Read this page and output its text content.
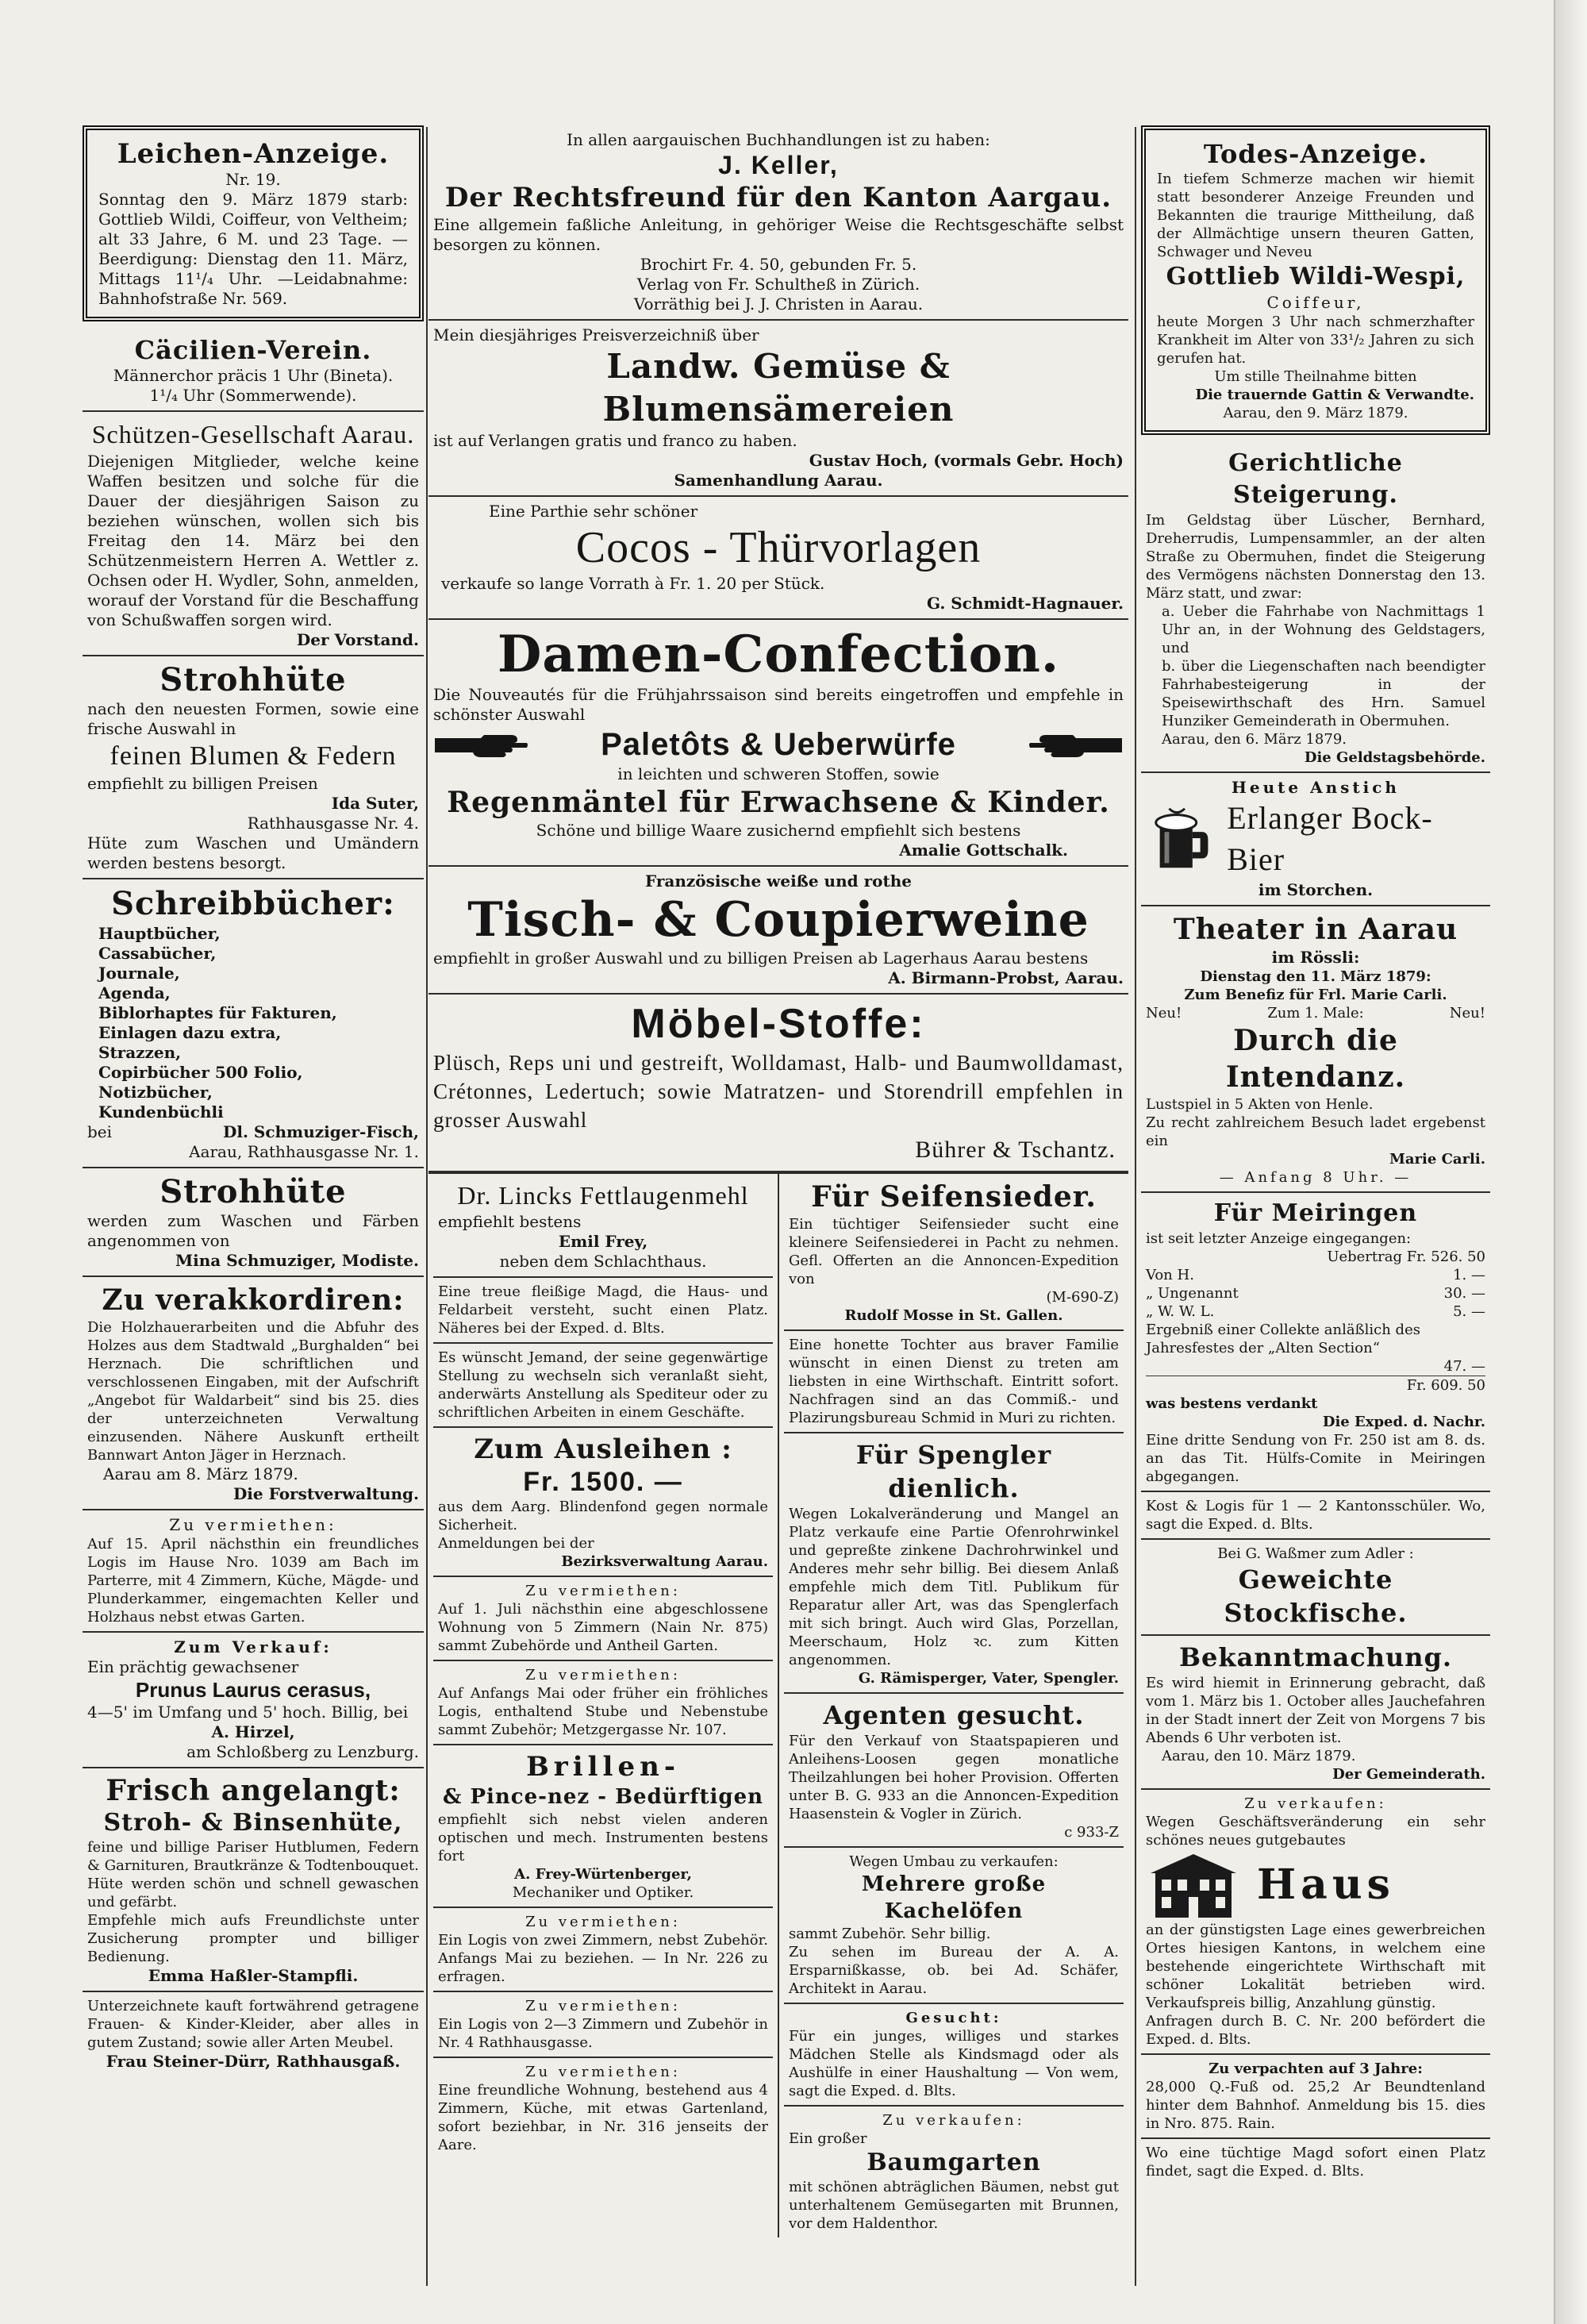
Leichen-Anzeige.
Nr. 19.
Sonntag den 9. März 1879 starb: Gottlieb Wildi, Coiffeur, von Veltheim; alt 33 Jahre, 6 M. und 23 Tage. — Beerdigung: Dienstag den 11. März, Mittags 11¹/₄ Uhr. —Leidabnahme: Bahnhofstraße Nr. 569.
Cäcilien-Verein.
Männerchor präcis 1 Uhr (Bineta).
1¹/₄ Uhr (Sommerwende).
Schützen-Gesellschaft Aarau.
Diejenigen Mitglieder, welche keine Waffen besitzen und solche für die Dauer der diesjährigen Saison zu beziehen wünschen, wollen sich bis Freitag den 14. März bei den Schützenmeistern Herren A. Wettler z. Ochsen oder H. Wydler, Sohn, anmelden, worauf der Vorstand für die Beschaffung von Schußwaffen sorgen wird.
Der Vorstand.
Strohhüte
nach den neuesten Formen, sowie eine frische Auswahl in
feinen Blumen & Federn
empfiehlt zu billigen Preisen
Ida Suter,
Rathhausgasse Nr. 4.
Hüte zum Waschen und Umändern werden bestens besorgt.
Schreibbücher:
Hauptbücher,
Cassabücher,
Journale,
Agenda,
Biblorhaptes für Fakturen,
Einlagen dazu extra,
Strazzen,
Copirbücher 500 Folio,
Notizbücher,
Kundenbüchli
bei	Dl. Schmuziger-Fisch,
Aarau, Rathhausgasse Nr. 1.
Strohhüte
werden zum Waschen und Färben angenommen von
Mina Schmuziger, Modiste.
Zu verakkordiren:
Die Holzhauerarbeiten und die Abfuhr des Holzes aus dem Stadtwald „Burghalden“ bei Herznach. Die schriftlichen und verschlossenen Eingaben, mit der Aufschrift „Angebot für Waldarbeit“ sind bis 25. dies der unterzeichneten Verwaltung einzusenden. Nähere Auskunft ertheilt Bannwart Anton Jäger in Herznach.
Aarau am 8. März 1879.
Die Forstverwaltung.
Zu vermiethen:
Auf 15. April nächsthin ein freundliches Logis im Hause Nro. 1039 am Bach im Parterre, mit 4 Zimmern, Küche, Mägde- und Plunderkammer, eingemachten Keller und Holzhaus nebst etwas Garten.
Zum Verkauf:
Ein prächtig gewachsener
Prunus Laurus cerasus,
4—5' im Umfang und 5' hoch. Billig, bei
A. Hirzel,
am Schloßberg zu Lenzburg.
Frisch angelangt:
Stroh- & Binsenhüte,
feine und billige Pariser Hutblumen, Federn & Garnituren, Brautkränze & Todtenbouquet.
Hüte werden schön und schnell gewaschen und gefärbt.
Empfehle mich aufs Freundlichste unter Zusicherung prompter und billiger Bedienung.
Emma Haßler-Stampfli.
Unterzeichnete kauft fortwährend getragene Frauen- & Kinder-Kleider, aber alles in gutem Zustand; sowie aller Arten Meubel.
Frau Steiner-Dürr, Rathhausgaß.
In allen aargauischen Buchhandlungen ist zu haben:
J. Keller,
Der Rechtsfreund für den Kanton Aargau.
Eine allgemein faßliche Anleitung, in gehöriger Weise die Rechtsgeschäfte selbst besorgen zu können.
Brochirt Fr. 4. 50, gebunden Fr. 5.
Verlag von Fr. Schultheß in Zürich.
Vorräthig bei J. J. Christen in Aarau.
Mein diesjähriges Preisverzeichniß über
Landw. Gemüse & Blumensämereien
ist auf Verlangen gratis und franco zu haben.
Gustav Hoch, (vormals Gebr. Hoch)
Samenhandlung Aarau.
Eine Parthie sehr schöner
Cocos - Thürvorlagen
verkaufe so lange Vorrath à Fr. 1. 20 per Stück.
G. Schmidt-Hagnauer.
Damen-Confection.
Die Nouveautés für die Frühjahrssaison sind bereits eingetroffen und empfehle in schönster Auswahl
Paletôts & Ueberwürfe
in leichten und schweren Stoffen, sowie
Regenmäntel für Erwachsene & Kinder.
Schöne und billige Waare zusichernd empfiehlt sich bestens
Amalie Gottschalk.
Französische weiße und rothe
Tisch- & Coupierweine
empfiehlt in großer Auswahl und zu billigen Preisen ab Lagerhaus Aarau bestens
A. Birmann-Probst, Aarau.
Möbel-Stoffe:
Plüsch, Reps uni und gestreift, Wolldamast, Halb- und Baumwolldamast, Crétonnes, Ledertuch; sowie Matratzen- und Storendrill empfehlen in grosser Auswahl
Bührer & Tschantz.
Dr. Lincks Fettlaugenmehl
empfiehlt bestens
Emil Frey,
neben dem Schlachthaus.
Eine treue fleißige Magd, die Haus- und Feldarbeit versteht, sucht einen Platz. Näheres bei der Exped. d. Blts.
Es wünscht Jemand, der seine gegenwärtige Stellung zu wechseln sich veranlaßt sieht, anderwärts Anstellung als Spediteur oder zu schriftlichen Arbeiten in einem Geschäfte.
Zum Ausleihen :
Fr. 1500. —
aus dem Aarg. Blindenfond gegen normale Sicherheit.
Anmeldungen bei der
Bezirksverwaltung Aarau.
Zu vermiethen:
Auf 1. Juli nächsthin eine abgeschlossene Wohnung von 5 Zimmern (Nain Nr. 875) sammt Zubehörde und Antheil Garten.
Zu vermiethen:
Auf Anfangs Mai oder früher ein fröhliches Logis, enthaltend Stube und Nebenstube sammt Zubehör; Metzgergasse Nr. 107.
Brillen-
& Pince-nez - Bedürftigen
empfiehlt sich nebst vielen anderen optischen und mech. Instrumenten bestens fort
A. Frey-Würtenberger,
Mechaniker und Optiker.
Zu vermiethen:
Ein Logis von zwei Zimmern, nebst Zubehör. Anfangs Mai zu beziehen. — In Nr. 226 zu erfragen.
Zu vermiethen:
Ein Logis von 2—3 Zimmern und Zubehör in Nr. 4 Rathhausgasse.
Zu vermiethen:
Eine freundliche Wohnung, bestehend aus 4 Zimmern, Küche, mit etwas Gartenland, sofort beziehbar, in Nr. 316 jenseits der Aare.
Für Seifensieder.
Ein tüchtiger Seifensieder sucht eine kleinere Seifensiederei in Pacht zu nehmen. Gefl. Offerten an die Annoncen-Expedition von
(M-690-Z)
Rudolf Mosse in St. Gallen.
Eine honette Tochter aus braver Familie wünscht in einen Dienst zu treten am liebsten in eine Wirthschaft. Eintritt sofort. Nachfragen sind an das Commiß.- und Plazirungsbureau Schmid in Muri zu richten.
Für Spengler dienlich.
Wegen Lokalveränderung und Mangel an Platz verkaufe eine Partie Ofenrohrwinkel und gepreßte zinkene Dachrohrwinkel und Anderes mehr sehr billig. Bei diesem Anlaß empfehle mich dem Titl. Publikum für Reparatur aller Art, was das Spenglerfach mit sich bringt. Auch wird Glas, Porzellan, Meerschaum, Holz ꝛc. zum Kitten angenommen.
G. Rämisperger, Vater, Spengler.
Agenten gesucht.
Für den Verkauf von Staatspapieren und Anleihens-Loosen gegen monatliche Theilzahlungen bei hoher Provision. Offerten unter B. G. 933 an die Annoncen-Expedition Haasenstein & Vogler in Zürich.
c 933-Z
Wegen Umbau zu verkaufen:
Mehrere große Kachelöfen
sammt Zubehör. Sehr billig.
Zu sehen im Bureau der A. A. Ersparnißkasse, ob. bei Ad. Schäfer, Architekt in Aarau.
Gesucht:
Für ein junges, williges und starkes Mädchen Stelle als Kindsmagd oder als Aushülfe in einer Haushaltung — Von wem, sagt die Exped. d. Blts.
Zu verkaufen:
Ein großer
Baumgarten
mit schönen abträglichen Bäumen, nebst gut unterhaltenem Gemüsegarten mit Brunnen, vor dem Haldenthor.
Todes-Anzeige.
In tiefem Schmerze machen wir hiemit statt besonderer Anzeige Freunden und Bekannten die traurige Mittheilung, daß der Allmächtige unsern theuren Gatten, Schwager und Neveu
Gottlieb Wildi-Wespi,
Coiffeur,
heute Morgen 3 Uhr nach schmerzhafter Krankheit im Alter von 33¹/₂ Jahren zu sich gerufen hat.
Um stille Theilnahme bitten
Die trauernde Gattin & Verwandte.
Aarau, den 9. März 1879.
Gerichtliche Steigerung.
Im Geldstag über Lüscher, Bernhard, Dreherrudis, Lumpensammler, an der alten Straße zu Obermuhen, findet die Steigerung des Vermögens nächsten Donnerstag den 13. März statt, und zwar:
a. Ueber die Fahrhabe von Nachmittags 1 Uhr an, in der Wohnung des Geldstagers, und
b. über die Liegenschaften nach beendigter Fahrhabesteigerung in der Speisewirthschaft des Hrn. Samuel Hunziker Gemeinderath in Obermuhen.
Aarau, den 6. März 1879.
Die Geldstagsbehörde.
Heute Anstich
Erlanger Bock-Bier
im Storchen.
Theater in Aarau
im Rössli:
Dienstag den 11. März 1879:
Zum Benefiz für Frl. Marie Carli.
Neu!	Zum 1. Male:	Neu!
Durch die Intendanz.
Lustspiel in 5 Akten von Henle.
Zu recht zahlreichem Besuch ladet ergebenst ein
Marie Carli.
— Anfang 8 Uhr. —
Für Meiringen
ist seit letzter Anzeige eingegangen:
Uebertrag Fr. 526. 50
Von H.	1. —
„ Ungenannt	30. —
„ W. W. L.	5. —
Ergebniß einer Collekte anläßlich des Jahresfestes der „Alten Section“
47. —
Fr. 609. 50
was bestens verdankt
Die Exped. d. Nachr.
Eine dritte Sendung von Fr. 250 ist am 8. ds. an das Tit. Hülfs-Comite in Meiringen abgegangen.
Kost & Logis für 1 — 2 Kantonsschüler. Wo, sagt die Exped. d. Blts.
Bei G. Waßmer zum Adler :
Geweichte Stockfische.
Bekanntmachung.
Es wird hiemit in Erinnerung gebracht, daß vom 1. März bis 1. October alles Jauchefahren in der Stadt innert der Zeit von Morgens 7 bis Abends 6 Uhr verboten ist.
Aarau, den 10. März 1879.
Der Gemeinderath.
Zu verkaufen:
Wegen Geschäftsveränderung ein sehr schönes neues gutgebautes
Haus
an der günstigsten Lage eines gewerbreichen Ortes hiesigen Kantons, in welchem eine bestehende eingerichtete Wirthschaft mit schöner Lokalität betrieben wird. Verkaufspreis billig, Anzahlung günstig.
Anfragen durch B. C. Nr. 200 befördert die Exped. d. Blts.
Zu verpachten auf 3 Jahre:
28,000 Q.-Fuß od. 25,2 Ar Beundtenland hinter dem Bahnhof. Anmeldung bis 15. dies in Nro. 875. Rain.
Wo eine tüchtige Magd sofort einen Platz findet, sagt die Exped. d. Blts.
